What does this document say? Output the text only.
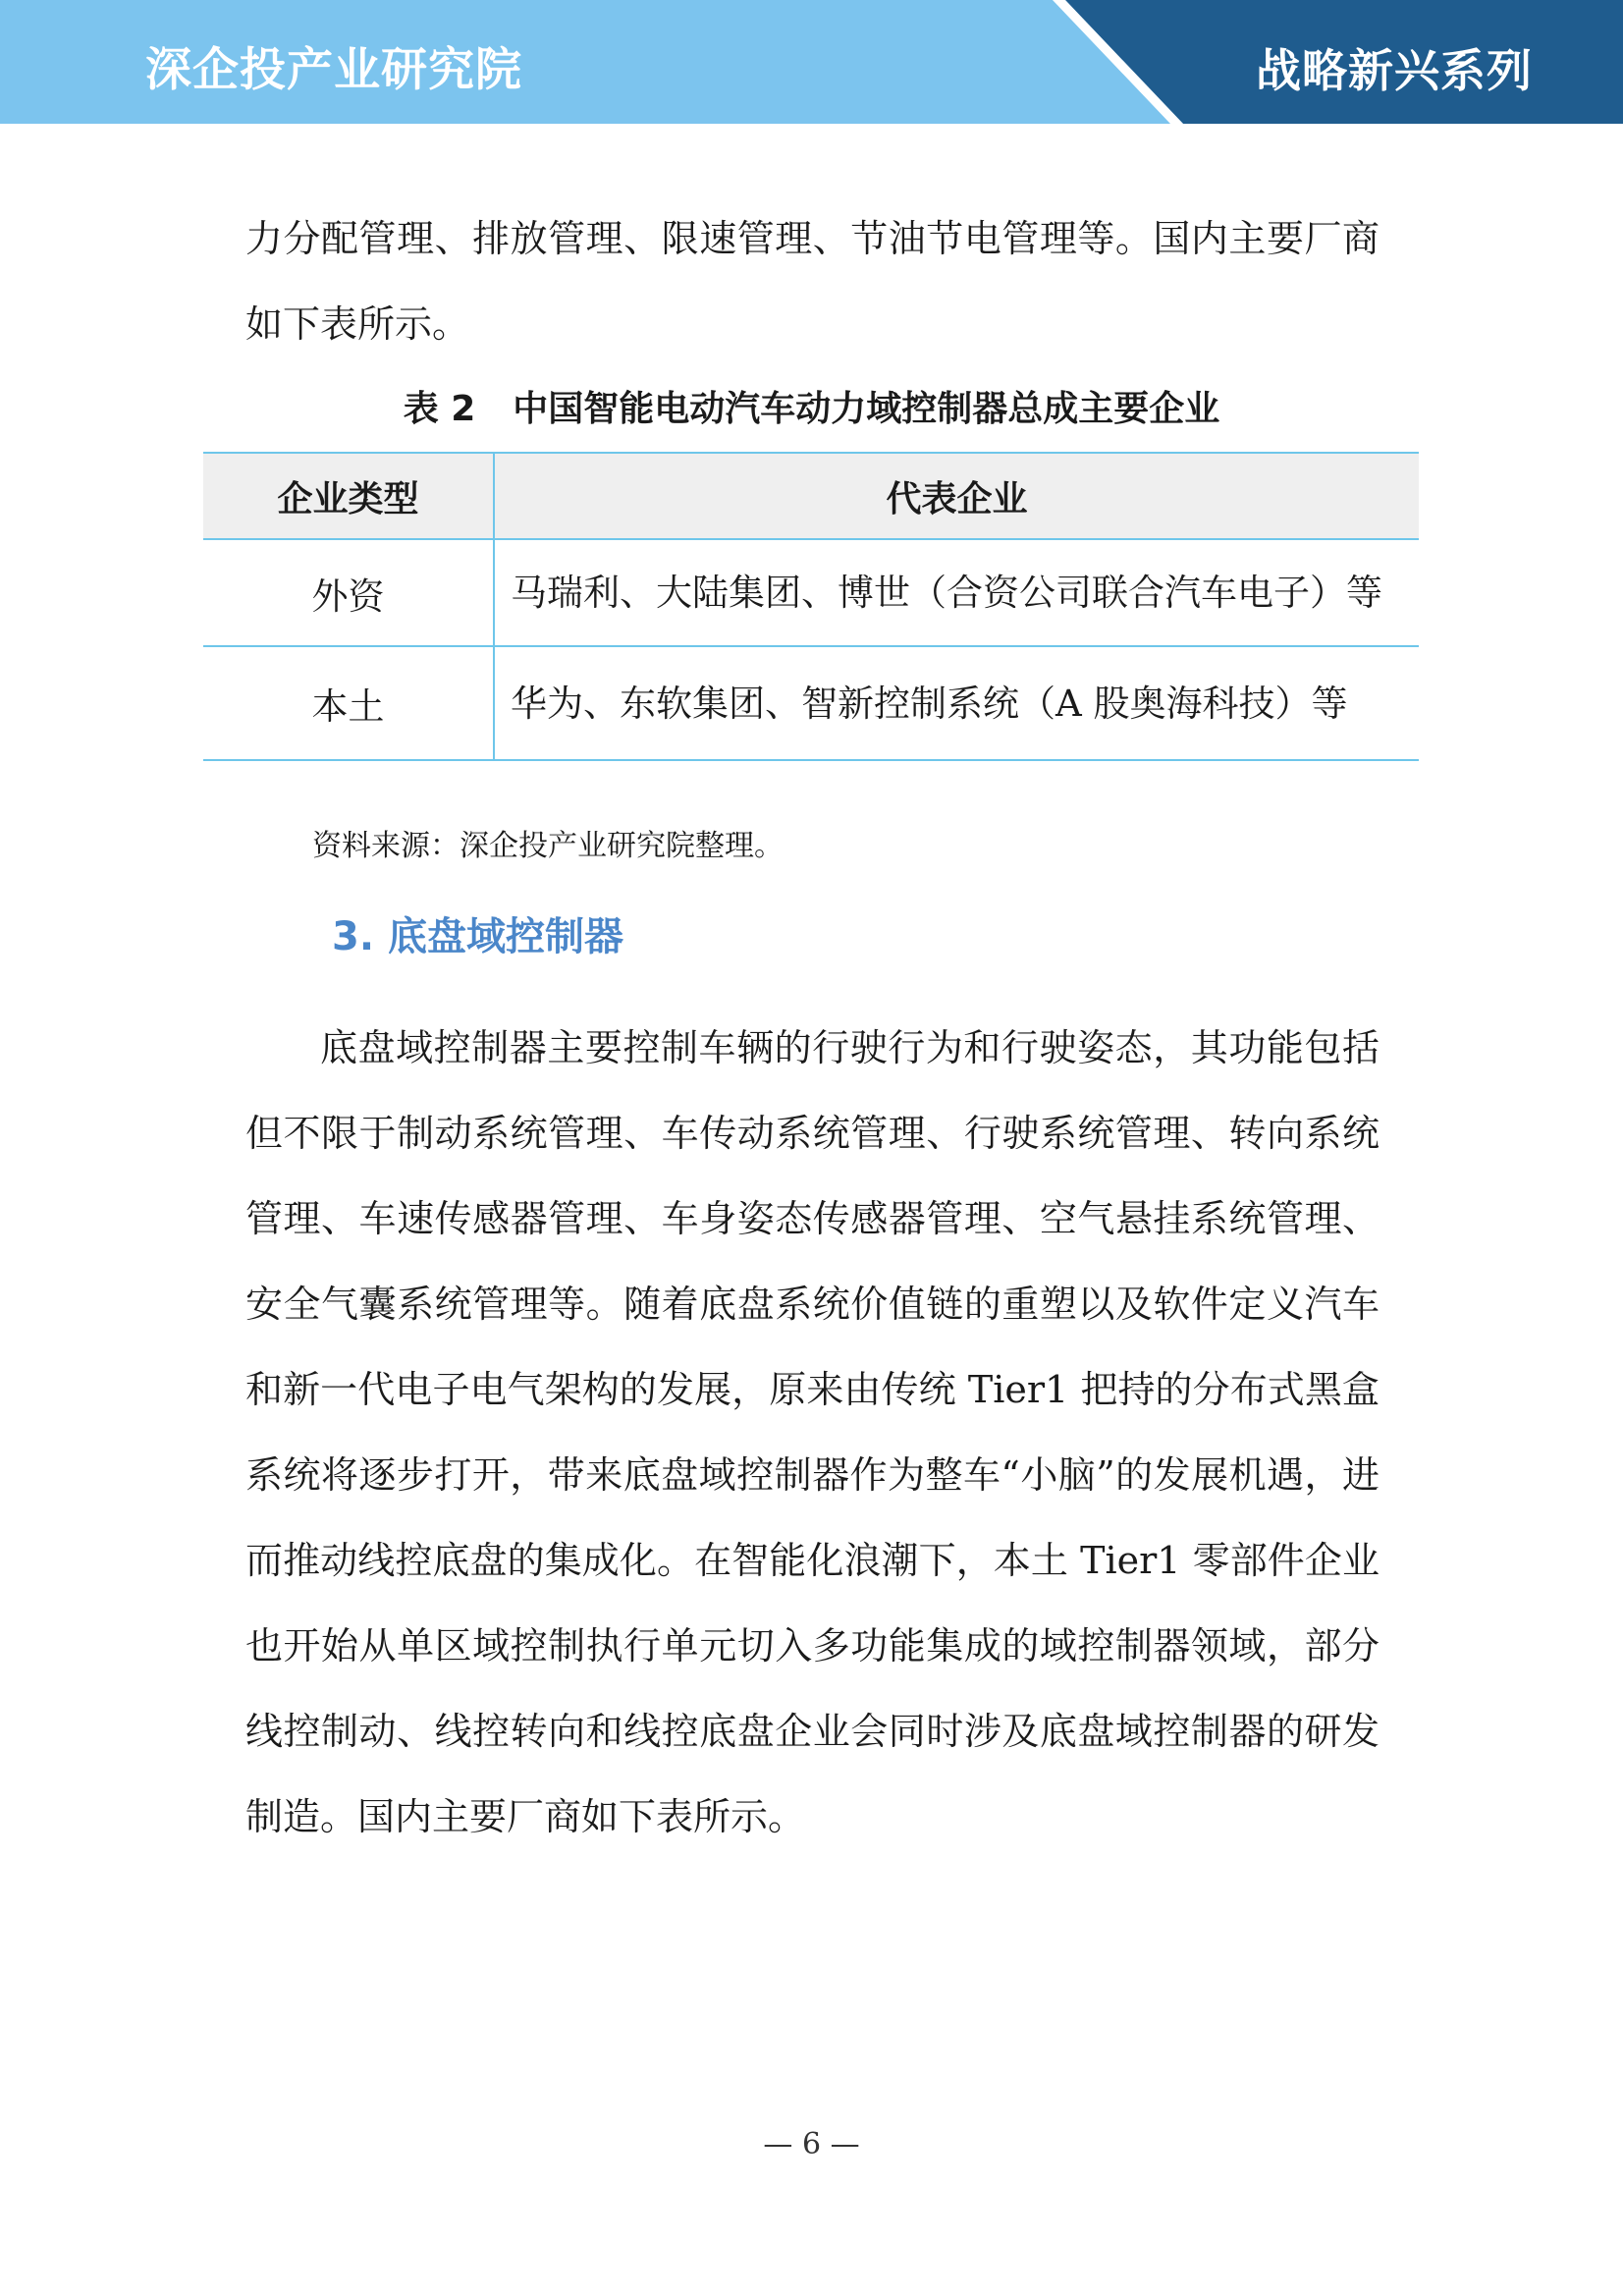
深企投产业研究院	战略新兴系列

力分配管理、排放管理、限速管理、节油节电管理等。国内主要厂商如下表所示。

表 2 中国智能电动汽车动力域控制器总成主要企业

企业类型	代表企业
外资	马瑞利、大陆集团、博世（合资公司联合汽车电子）等
本土	华为、东软集团、智新控制系统（A 股奥海科技）等

资料来源：深企投产业研究院整理。

3. 底盘域控制器

底盘域控制器主要控制车辆的行驶行为和行驶姿态，其功能包括但不限于制动系统管理、车传动系统管理、行驶系统管理、转向系统管理、车速传感器管理、车身姿态传感器管理、空气悬挂系统管理、安全气囊系统管理等。随着底盘系统价值链的重塑以及软件定义汽车和新一代电子电气架构的发展，原来由传统 Tier1 把持的分布式黑盒系统将逐步打开，带来底盘域控制器作为整车“小脑”的发展机遇，进而推动线控底盘的集成化。在智能化浪潮下，本土 Tier1 零部件企业也开始从单区域控制执行单元切入多功能集成的域控制器领域，部分线控制动、线控转向和线控底盘企业会同时涉及底盘域控制器的研发制造。国内主要厂商如下表所示。

— 6 —
